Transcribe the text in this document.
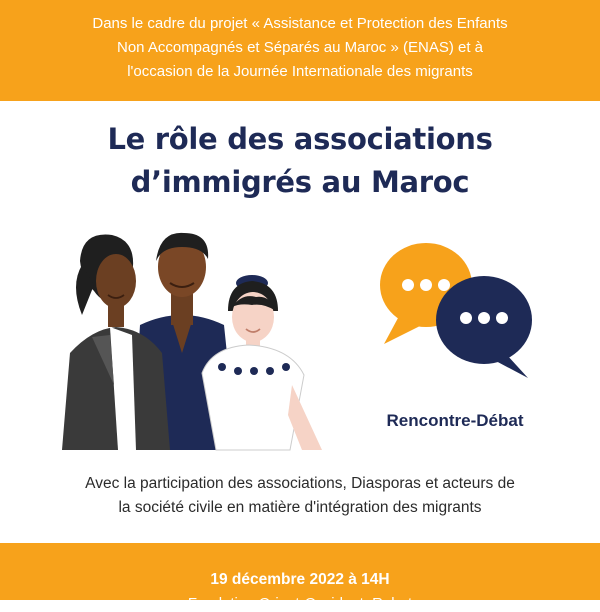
Dans le cadre du projet « Assistance et Protection des Enfants

Non Accompagnés et Séparés au Maroc » (ENAS) et à

l'occasion de la Journée Internationale des migrants

Le rôle des associations
d’immigrés au Maroc
Rencontre-Débat
Avec la participation des associations, Diasporas et acteurs de
la société civile en matière d'intégration des migrants
19 décembre 2022 à 14H
Fondation Orient-Occident, Rabat
